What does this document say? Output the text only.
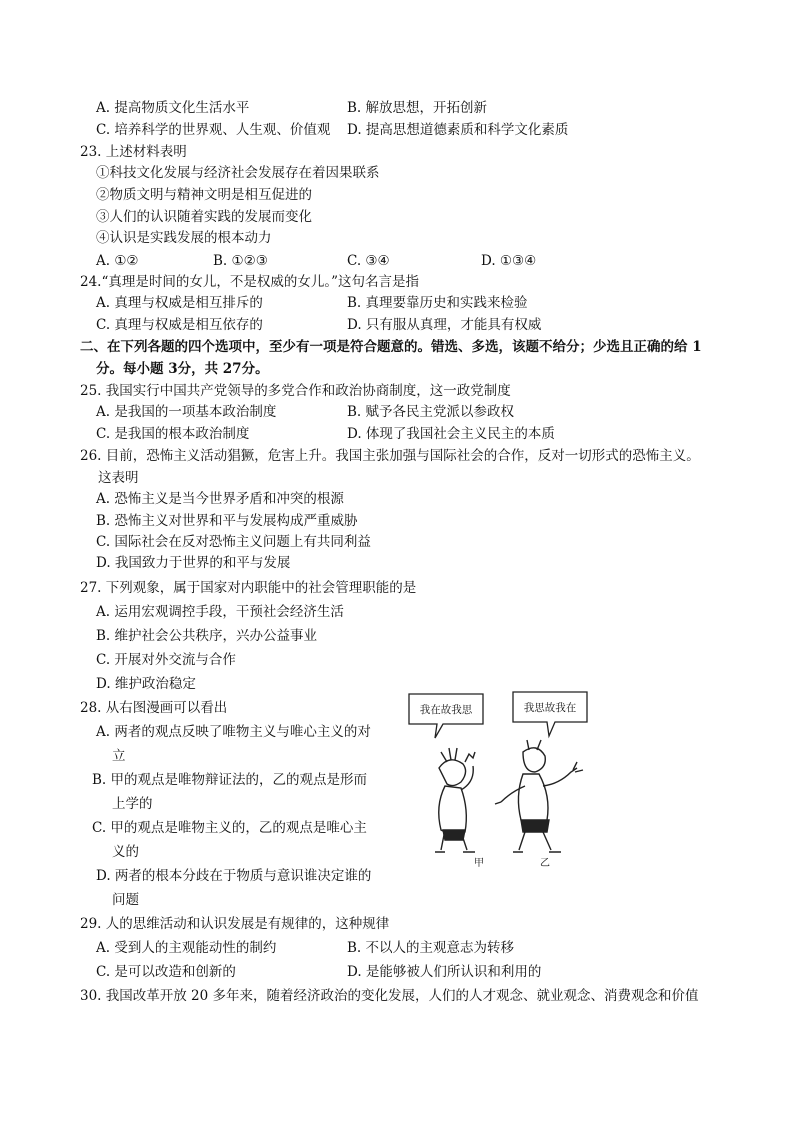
A. 提高物质文化生活水平	B. 解放思想，开拓创新
C. 培养科学的世界观、人生观、价值观 D. 提高思想道德素质和科学文化素质
23. 上述材料表明
①科技文化发展与经济社会发展存在着因果联系
②物质文明与精神文明是相互促进的
③人们的认识随着实践的发展而变化
④认识是实践发展的根本动力
A. ①②	B. ①②③	C. ③④	D. ①③④
24.“真理是时间的女儿，不是权威的女儿。”这句名言是指
A. 真理与权威是相互排斥的	B. 真理要靠历史和实践来检验
C. 真理与权威是相互依存的	D. 只有服从真理，才能具有权威
二、在下列各题的四个选项中，至少有一项是符合题意的。错选、多选，该题不给分；少选且正确的给 1
分。每小题 3分，共 27分。
25. 我国实行中国共产党领导的多党合作和政治协商制度，这一政党制度
A. 是我国的一项基本政治制度	B. 赋予各民主党派以参政权
C. 是我国的根本政治制度	D. 体现了我国社会主义民主的本质
26. 目前，恐怖主义活动猖獗，危害上升。我国主张加强与国际社会的合作，反对一切形式的恐怖主义。
这表明
A. 恐怖主义是当今世界矛盾和冲突的根源
B. 恐怖主义对世界和平与发展构成严重威胁
C. 国际社会在反对恐怖主义问题上有共同利益
D. 我国致力于世界的和平与发展
27. 下列观象，属于国家对内职能中的社会管理职能的是
A. 运用宏观调控手段，干预社会经济生活
B. 维护社会公共秩序，兴办公益事业
C. 开展对外交流与合作
D. 维护政治稳定
28. 从右图漫画可以看出
A. 两者的观点反映了唯物主义与唯心主义的对
立
B. 甲的观点是唯物辩证法的，乙的观点是形而
上学的
C. 甲的观点是唯物主义的，乙的观点是唯心主
义的
D. 两者的根本分歧在于物质与意识谁决定谁的
问题
我在故我思	我思故我在
甲	乙
29. 人的思维活动和认识发展是有规律的，这种规律
A. 受到人的主观能动性的制约	B. 不以人的主观意志为转移
C. 是可以改造和创新的	D. 是能够被人们所认识和利用的
30. 我国改革开放 20 多年来，随着经济政治的变化发展，人们的人才观念、就业观念、消费观念和价值
